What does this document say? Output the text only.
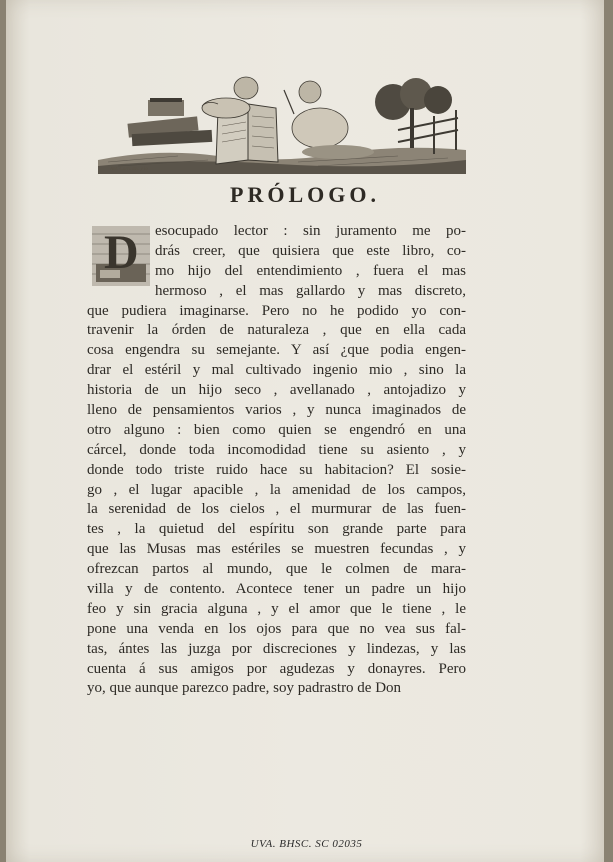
Ant. Carn. inv. y lo
PRÓLOGO.
D	esocupado lector : sin juramento me po-
drás creer, que quisiera que este libro, co-
mo hijo del entendimiento , fuera el mas
hermoso , el mas gallardo y mas discreto,
que pudiera imaginarse. Pero no he podido yo con-
travenir la órden de naturaleza , que en ella cada
cosa engendra su semejante. Y así ¿que podia engen-
drar el estéril y mal cultivado ingenio mio , sino la
historia de un hijo seco , avellanado , antojadizo y
lleno de pensamientos varios , y nunca imaginados de
otro alguno : bien como quien se engendró en una
cárcel, donde toda incomodidad tiene su asiento , y
donde todo triste ruido hace su habitacion? El sosie-
go , el lugar apacible , la amenidad de los campos,
la serenidad de los cielos , el murmurar de las fuen-
tes , la quietud del espíritu son grande parte para
que las Musas mas estériles se muestren fecundas , y
ofrezcan partos al mundo, que le colmen de mara-
villa y de contento. Acontece tener un padre un hijo
feo y sin gracia alguna , y el amor que le tiene , le
pone una venda en los ojos para que no vea sus fal-
tas, ántes las juzga por discreciones y lindezas, y las
cuenta á sus amigos por agudezas y donayres. Pero
yo, que aunque parezco padre, soy padrastro de Don
UVA. BHSC. SC 02035
